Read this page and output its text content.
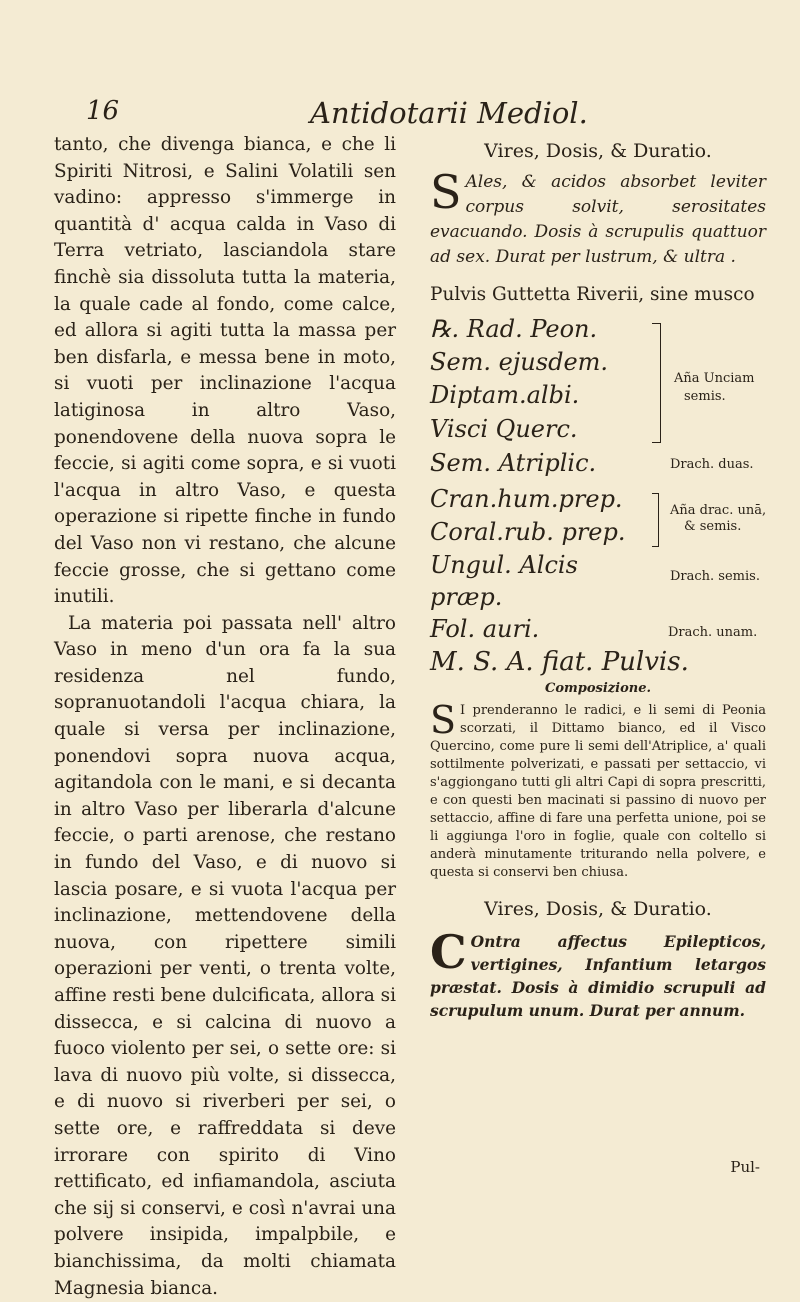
16	Antidotarii Mediol.

tanto, che divenga bianca, e che li Spiriti Nitrosi, e Salini Volatili sen vadino: appresso s'immerge in quantità d' acqua calda in Vaso di Terra vetriato, lasciandola stare finchè sia dissoluta tutta la materia, la quale cade al fondo, come calce, ed allora si agiti tutta la massa per ben disfarla, e messa bene in moto, si vuoti per inclinazione l'acqua latiginosa in altro Vaso, ponendovene della nuova sopra le feccie, si agiti come sopra, e si vuoti l'acqua in altro Vaso, e questa operazione si ripette finche in fundo del Vaso non vi restano, che alcune feccie grosse, che si gettano come inutili.

La materia poi passata nell' altro Vaso in meno d'un ora fa la sua residenza nel fundo, sopranuotandoli l'acqua chiara, la quale si versa per inclinazione, ponendovi sopra nuova acqua, agitandola con le mani, e si decanta in altro Vaso per liberarla d'alcune feccie, o parti arenose, che restano in fundo del Vaso, e di nuovo si lascia posare, e si vuota l'acqua per inclinazione, mettendovene della nuova, con ripettere simili operazioni per venti, o trenta volte, affine resti bene dulcificata, allora si dissecca, e si calcina di nuovo a fuoco violento per sei, o sette ore: si lava di nuovo più volte, si dissecca, e di nuovo si riverberi per sei, o sette ore, e raffreddata si deve irrorare con spirito di Vino rettificato, ed infiamandola, asciuta che sij si conservi, e così n'avrai una polvere insipida, impalpbile, e bianchissima, da molti chiamata Magnesia bianca.

Vires, Dosis, & Duratio.

S Ales, & acidos absorbet leviter corpus solvit, serositates evacuando. Dosis à scrupulis quattuor ad sex. Durat per lustrum, & ultra .

Pulvis Guttetta Riverii, sine musco
℞. Rad. Peon.
Sem. ejusdem.
Diptam.albi.
Visci Querc.
Sem. Atriplic.
Cran.hum.prep.
Coral.rub. prep.
Ungul. Alcis
præp.
Fol. auri.
Aña Unciam
semis.
Drach. duas.
Aña drac. unā,
& semis.
Drach. semis.
Drach. unam.
M. S. A. fiat. Pulvis.
Composizione.

S I prenderanno le radici, e li semi di Peonia scorzati, il Dittamo bianco, ed il Visco Quercino, come pure li semi dell'Atriplice, a' quali sottilmente polverizati, e passati per settaccio, vi s'aggiongano tutti gli altri Capi di sopra prescritti, e con questi ben macinati si passino di nuovo per settaccio, affine di fare una perfetta unione, poi se li aggiunga l'oro in foglie, quale con coltello si anderà minutamente triturando nella polvere, e questa si conservi ben chiusa.

Vires, Dosis, & Duratio.

C Ontra affectus Epilepticos, vertigines, Infantium letargos præstat. Dosis à dimidio scrupuli ad scrupulum unum. Durat per annum.

Pul-
